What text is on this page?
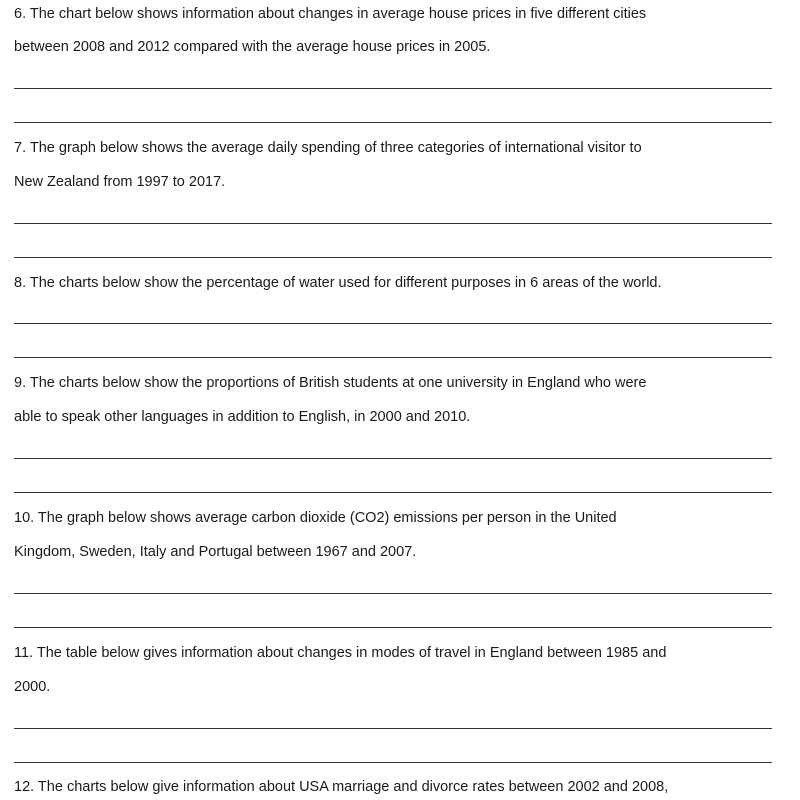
6. The chart below shows information about changes in average house prices in five different cities
between 2008 and 2012 compared with the average house prices in 2005.
7. The graph below shows the average daily spending of three categories of international visitor to
New Zealand from 1997 to 2017.
8. The charts below show the percentage of water used for different purposes in 6 areas of the world.
9. The charts below show the proportions of British students at one university in England who were
able to speak other languages in addition to English, in 2000 and 2010.
10. The graph below shows average carbon dioxide (CO2) emissions per person in the United
Kingdom, Sweden, Italy and Portugal between 1967 and 2007.
11. The table below gives information about changes in modes of travel in England between 1985 and
2000.
12. The charts below give information about USA marriage and divorce rates between 2002 and 2008,
